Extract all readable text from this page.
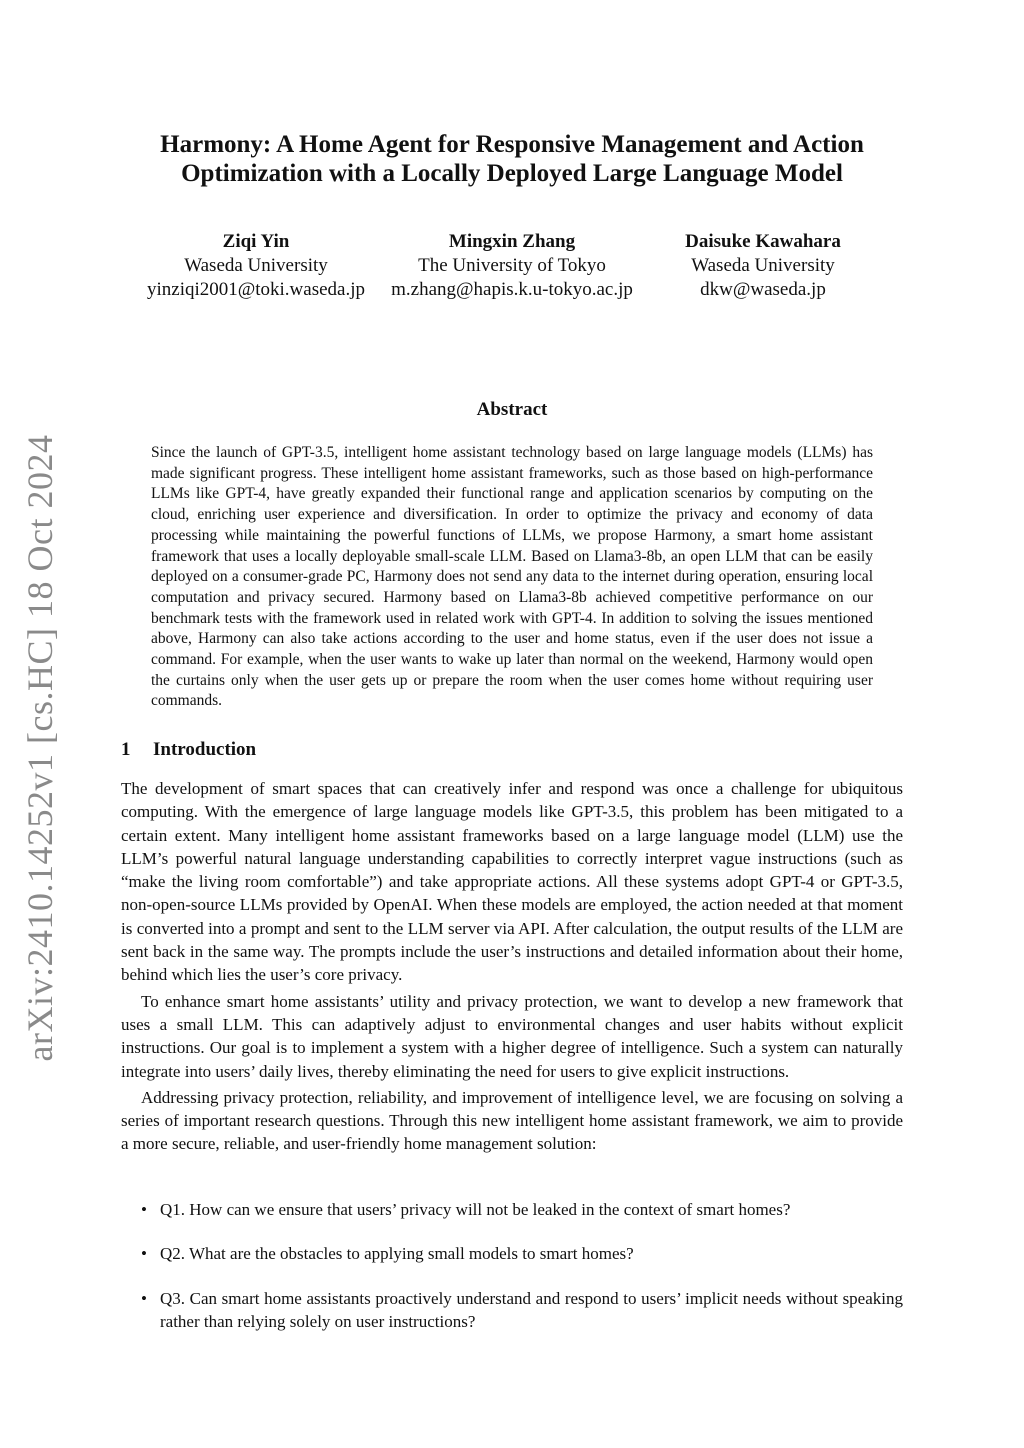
arXiv:2410.14252v1 [cs.HC] 18 Oct 2024
Harmony: A Home Agent for Responsive Management and Action
Optimization with a Locally Deployed Large Language Model
Ziqi Yin
Waseda University
yinziqi2001@toki.waseda.jp
Mingxin Zhang
The University of Tokyo
m.zhang@hapis.k.u-tokyo.ac.jp
Daisuke Kawahara
Waseda University
dkw@waseda.jp
Abstract
Since the launch of GPT-3.5, intelligent home assistant technology based on large language models (LLMs) has made significant progress. These intelligent home assistant frameworks, such as those based on high-performance LLMs like GPT-4, have greatly expanded their functional range and application scenarios by computing on the cloud, enriching user experience and diversification. In order to optimize the privacy and economy of data processing while maintaining the powerful functions of LLMs, we propose Harmony, a smart home assistant framework that uses a locally deployable small-scale LLM. Based on Llama3-8b, an open LLM that can be easily deployed on a consumer-grade PC, Harmony does not send any data to the internet during operation, ensuring local computation and privacy secured. Harmony based on Llama3-8b achieved competitive performance on our benchmark tests with the framework used in related work with GPT-4. In addition to solving the issues mentioned above, Harmony can also take actions according to the user and home status, even if the user does not issue a command. For example, when the user wants to wake up later than normal on the weekend, Harmony would open the curtains only when the user gets up or prepare the room when the user comes home without requiring user commands.
1 Introduction

The development of smart spaces that can creatively infer and respond was once a challenge for ubiquitous computing. With the emergence of large language models like GPT-3.5, this problem has been mitigated to a certain extent. Many intelligent home assistant frameworks based on a large language model (LLM) use the LLM’s powerful natural language understanding capabilities to correctly interpret vague instructions (such as “make the living room comfortable”) and take appropriate actions. All these systems adopt GPT-4 or GPT-3.5, non-open-source LLMs provided by OpenAI. When these models are employed, the action needed at that moment is converted into a prompt and sent to the LLM server via API. After calculation, the output results of the LLM are sent back in the same way. The prompts include the user’s instructions and detailed information about their home, behind which lies the user’s core privacy.

To enhance smart home assistants’ utility and privacy protection, we want to develop a new framework that uses a small LLM. This can adaptively adjust to environmental changes and user habits without explicit instructions. Our goal is to implement a system with a higher degree of intelligence. Such a system can naturally integrate into users’ daily lives, thereby eliminating the need for users to give explicit instructions.

Addressing privacy protection, reliability, and improvement of intelligence level, we are focusing on solving a series of important research questions. Through this new intelligent home assistant framework, we aim to provide a more secure, reliable, and user-friendly home management solution:

• Q1. How can we ensure that users’ privacy will not be leaked in the context of smart homes?
• Q2. What are the obstacles to applying small models to smart homes?
• Q3. Can smart home assistants proactively understand and respond to users’ implicit needs without speaking rather than relying solely on user instructions?
